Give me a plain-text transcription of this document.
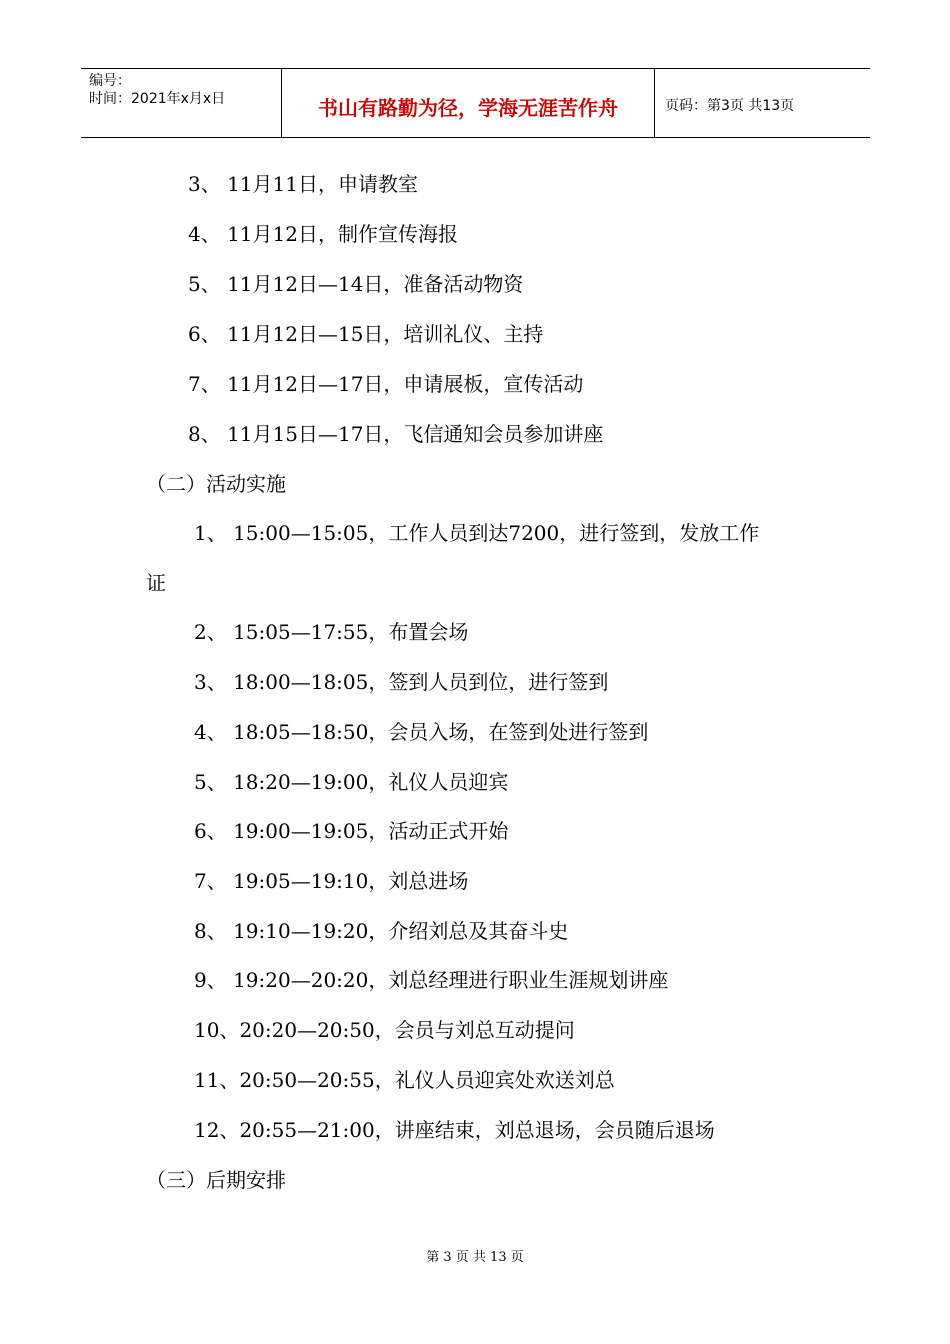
编号：
时间：2021年x月x日	书山有路勤为径，学海无涯苦作舟	页码：第3页 共13页
3、 11月11日，申请教室
4、 11月12日，制作宣传海报
5、 11月12日—14日，准备活动物资
6、 11月12日—15日，培训礼仪、主持
7、 11月12日—17日，申请展板，宣传活动
8、 11月15日—17日，飞信通知会员参加讲座
（二）活动实施
1、 15:00—15:05，工作人员到达7200，进行签到，发放工作
证
2、 15:05—17:55，布置会场
3、 18:00—18:05，签到人员到位，进行签到
4、 18:05—18:50，会员入场，在签到处进行签到
5、 18:20—19:00，礼仪人员迎宾
6、 19:00—19:05，活动正式开始
7、 19:05—19:10，刘总进场
8、 19:10—19:20，介绍刘总及其奋斗史
9、 19:20—20:20，刘总经理进行职业生涯规划讲座
10、20:20—20:50，会员与刘总互动提问
11、20:50—20:55，礼仪人员迎宾处欢送刘总
12、20:55—21:00，讲座结束，刘总退场，会员随后退场
（三）后期安排
第 3 页 共 13 页
